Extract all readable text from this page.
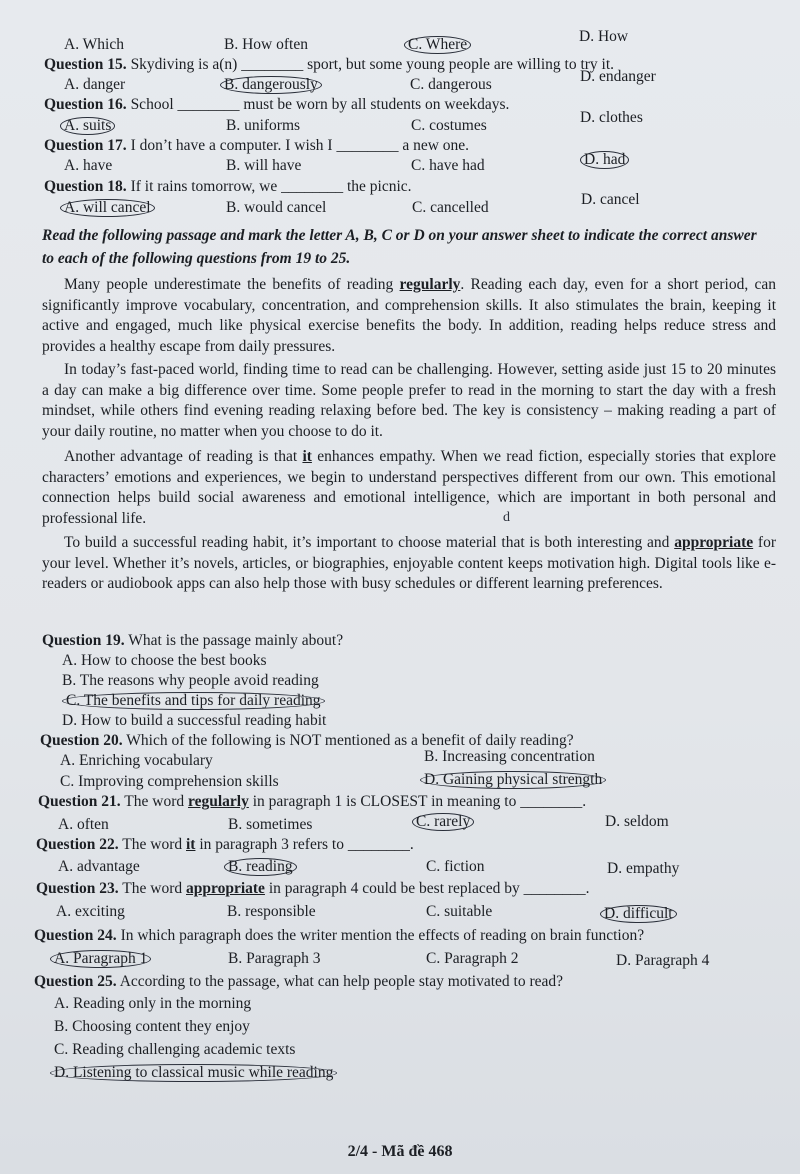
A. Which	B. How often	C. Where	D. How
Question 15. Skydiving is a(n) ________ sport, but some young people are willing to try it.
A. danger	B. dangerously	C. dangerous	D. endanger
Question 16. School ________ must be worn by all students on weekdays.
A. suits	B. uniforms	C. costumes	D. clothes
Question 17. I don’t have a computer. I wish I ________ a new one.
A. have	B. will have	C. have had	D. had
Question 18. If it rains tomorrow, we ________ the picnic.
A. will cancel	B. would cancel	C. cancelled	D. cancel
Read the following passage and mark the letter A, B, C or D on your answer sheet to indicate the correct answer to each of the following questions from 19 to 25.
Many people underestimate the benefits of reading regularly. Reading each day, even for a short period, can significantly improve vocabulary, concentration, and comprehension skills. It also stimulates the brain, keeping it active and engaged, much like physical exercise benefits the body. In addition, reading helps reduce stress and provides a healthy escape from daily pressures.
In today’s fast-paced world, finding time to read can be challenging. However, setting aside just 15 to 20 minutes a day can make a big difference over time. Some people prefer to read in the morning to start the day with a fresh mindset, while others find evening reading relaxing before bed. The key is consistency – making reading a part of your daily routine, no matter when you choose to do it.
Another advantage of reading is that it enhances empathy. When we read fiction, especially stories that explore characters’ emotions and experiences, we begin to understand perspectives different from our own. This emotional connection helps build social awareness and emotional intelligence, which are important in both personal and professional life.	d
To build a successful reading habit, it’s important to choose material that is both interesting and appropriate for your level. Whether it’s novels, articles, or biographies, enjoyable content keeps motivation high. Digital tools like e-readers or audiobook apps can also help those with busy schedules or different learning preferences.
Question 19. What is the passage mainly about?
A. How to choose the best books
B. The reasons why people avoid reading
C. The benefits and tips for daily reading
D. How to build a successful reading habit
Question 20. Which of the following is NOT mentioned as a benefit of daily reading?
A. Enriching vocabulary	B. Increasing concentration
C. Improving comprehension skills	D. Gaining physical strength
Question 21. The word regularly in paragraph 1 is CLOSEST in meaning to ________.
A. often	B. sometimes	C. rarely	D. seldom
Question 22. The word it in paragraph 3 refers to ________.
A. advantage	B. reading	C. fiction	D. empathy
Question 23. The word appropriate in paragraph 4 could be best replaced by ________.
A. exciting	B. responsible	C. suitable	D. difficult
Question 24. In which paragraph does the writer mention the effects of reading on brain function?
A. Paragraph 1	B. Paragraph 3	C. Paragraph 2	D. Paragraph 4
Question 25. According to the passage, what can help people stay motivated to read?
A. Reading only in the morning
B. Choosing content they enjoy
C. Reading challenging academic texts
D. Listening to classical music while reading
2/4 - Mã đề 468
